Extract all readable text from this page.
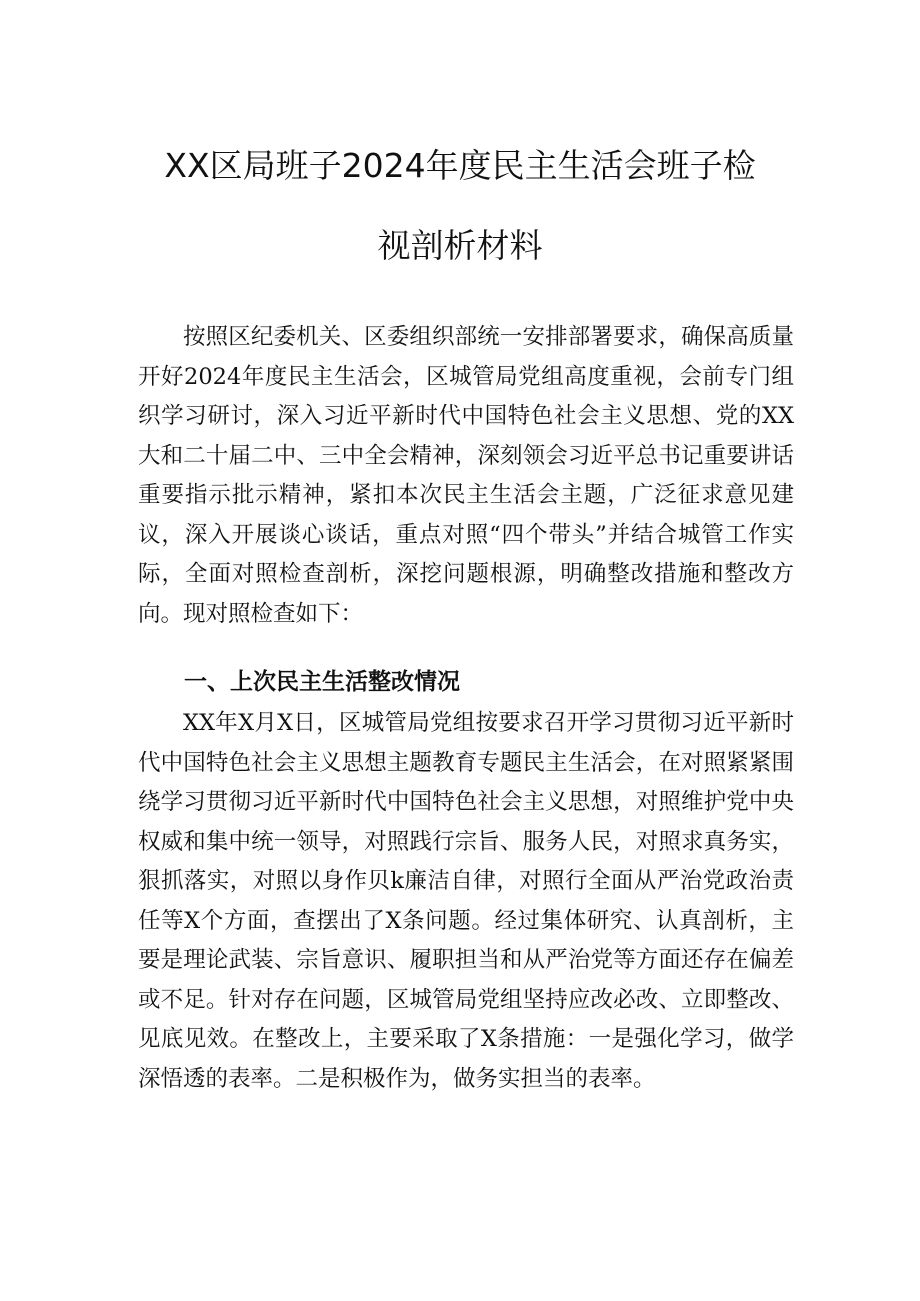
XX区局班子2024年度民主生活会班子检
视剖析材料

按照区纪委机关、区委组织部统一安排部署要求，确保高质量开好2024年度民主生活会，区城管局党组高度重视，会前专门组织学习研讨，深入习近平新时代中国特色社会主义思想、党的XX大和二十届二中、三中全会精神，深刻领会习近平总书记重要讲话重要指示批示精神，紧扣本次民主生活会主题，广泛征求意见建议，深入开展谈心谈话，重点对照“四个带头”并结合城管工作实际，全面对照检查剖析，深挖问题根源，明确整改措施和整改方向。现对照检查如下：

一、上次民主生活整改情况

XX年X月X日，区城管局党组按要求召开学习贯彻习近平新时代中国特色社会主义思想主题教育专题民主生活会，在对照紧紧围绕学习贯彻习近平新时代中国特色社会主义思想，对照维护党中央权威和集中统一领导，对照践行宗旨、服务人民，对照求真务实，狠抓落实，对照以身作贝k廉洁自律，对照行全面从严治党政治责任等X个方面，查摆出了X条问题。经过集体研究、认真剖析，主要是理论武装、宗旨意识、履职担当和从严治党等方面还存在偏差或不足。针对存在问题，区城管局党组坚持应改必改、立即整改、见底见效。在整改上，主要采取了X条措施：一是强化学习，做学深悟透的表率。二是积极作为，做务实担当的表率。
